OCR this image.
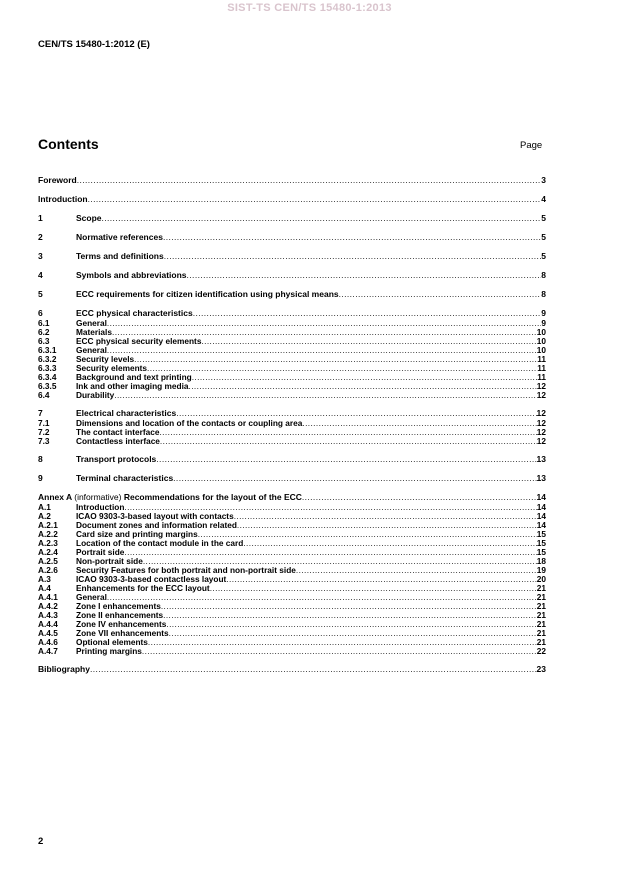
SIST-TS CEN/TS 15480-1:2013
CEN/TS 15480-1:2012 (E)
Contents	Page
Foreword .....	3
Introduction .....	4
1	Scope .....	5
2	Normative references .....	5
3	Terms and definitions .....	5
4	Symbols and abbreviations .....	8
5	ECC requirements for citizen identification using physical means .....	8
6	ECC physical characteristics .....	9
6.1	General .....	9
6.2	Materials .....	10
6.3	ECC physical security elements .....	10
6.3.1	General .....	10
6.3.2	Security levels .....	11
6.3.3	Security elements .....	11
6.3.4	Background and text printing .....	11
6.3.5	Ink and other imaging media .....	12
6.4	Durability .....	12
7	Electrical characteristics .....	12
7.1	Dimensions and location of the contacts or coupling area .....	12
7.2	The contact interface .....	12
7.3	Contactless interface .....	12
8	Transport protocols .....	13
9	Terminal characteristics .....	13
Annex A (informative) Recommendations for the layout of the ECC .....	14
A.1	Introduction .....	14
A.2	ICAO 9303-3-based layout with contacts .....	14
A.2.1	Document zones and information related .....	14
A.2.2	Card size and printing margins .....	15
A.2.3	Location of the contact module in the card .....	15
A.2.4	Portrait side .....	15
A.2.5	Non-portrait side .....	18
A.2.6	Security Features for both portrait and non-portrait side .....	19
A.3	ICAO 9303-3-based contactless layout .....	20
A.4	Enhancements for the ECC layout .....	21
A.4.1	General .....	21
A.4.2	Zone I enhancements .....	21
A.4.3	Zone II enhancements .....	21
A.4.4	Zone IV enhancements .....	21
A.4.5	Zone VII enhancements .....	21
A.4.6	Optional elements .....	21
A.4.7	Printing margins .....	22
Bibliography .....	23
2
